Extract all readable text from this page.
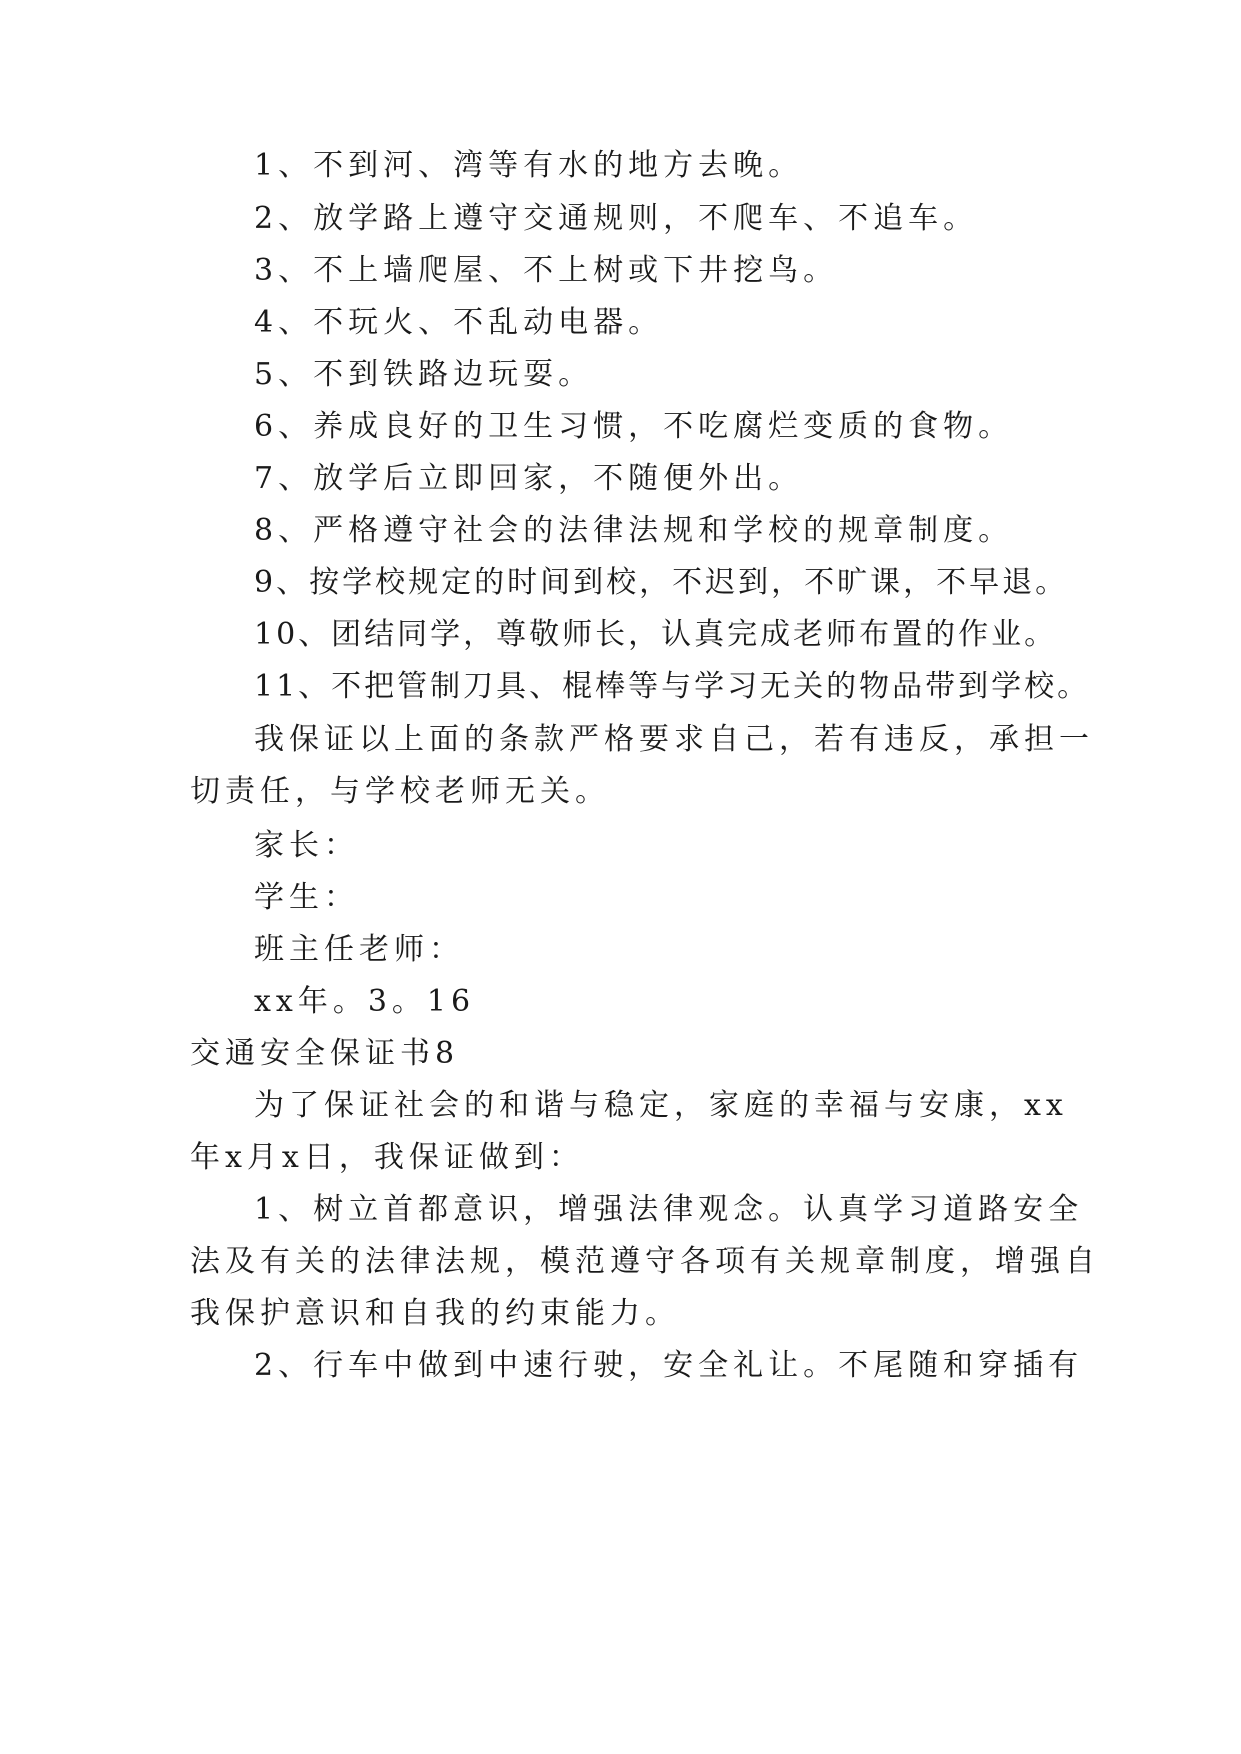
1、不到河、湾等有水的地方去晚。
2、放学路上遵守交通规则，不爬车、不追车。
3、不上墙爬屋、不上树或下井挖鸟。
4、不玩火、不乱动电器。
5、不到铁路边玩耍。
6、养成良好的卫生习惯，不吃腐烂变质的食物。
7、放学后立即回家，不随便外出。
8、严格遵守社会的法律法规和学校的规章制度。
9、按学校规定的时间到校，不迟到，不旷课，不早退。
10、团结同学，尊敬师长，认真完成老师布置的作业。
11、不把管制刀具、棍棒等与学习无关的物品带到学校。
我保证以上面的条款严格要求自己，若有违反，承担一
切责任，与学校老师无关。
家长：
学生：
班主任老师：
xx年。3。16
交通安全保证书8
为了保证社会的和谐与稳定，家庭的幸福与安康，xx
年x月x日，我保证做到：
1、树立首都意识，增强法律观念。认真学习道路安全
法及有关的法律法规，模范遵守各项有关规章制度，增强自
我保护意识和自我的约束能力。
2、行车中做到中速行驶，安全礼让。不尾随和穿插有
